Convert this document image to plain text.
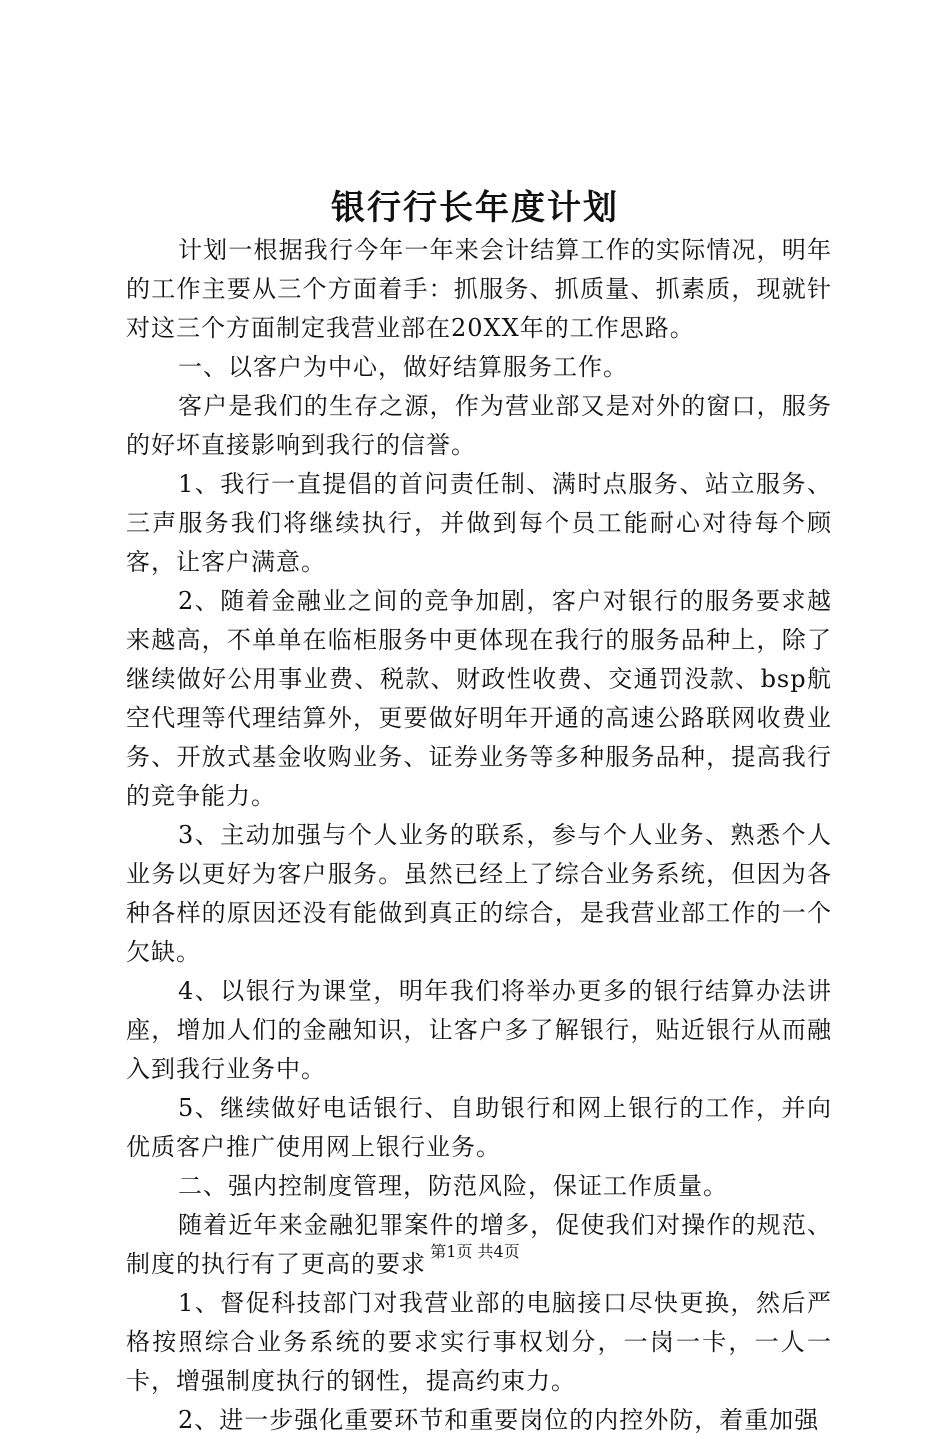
银行行长年度计划

计划一根据我行今年一年来会计结算工作的实际情况，明年的工作主要从三个方面着手：抓服务、抓质量、抓素质，现就针对这三个方面制定我营业部在20XX年的工作思路。

一、以客户为中心，做好结算服务工作。

客户是我们的生存之源，作为营业部又是对外的窗口，服务的好坏直接影响到我行的信誉。

1、我行一直提倡的首问责任制、满时点服务、站立服务、三声服务我们将继续执行，并做到每个员工能耐心对待每个顾客，让客户满意。

2、随着金融业之间的竞争加剧，客户对银行的服务要求越来越高，不单单在临柜服务中更体现在我行的服务品种上，除了继续做好公用事业费、税款、财政性收费、交通罚没款、bsp航空代理等代理结算外，更要做好明年开通的高速公路联网收费业务、开放式基金收购业务、证券业务等多种服务品种，提高我行的竞争能力。

3、主动加强与个人业务的联系，参与个人业务、熟悉个人业务以更好为客户服务。虽然已经上了综合业务系统，但因为各种各样的原因还没有能做到真正的综合，是我营业部工作的一个欠缺。

4、以银行为课堂，明年我们将举办更多的银行结算办法讲座，增加人们的金融知识，让客户多了解银行，贴近银行从而融入到我行业务中。

5、继续做好电话银行、自助银行和网上银行的工作，并向优质客户推广使用网上银行业务。

二、强内控制度管理，防范风险，保证工作质量。

随着近年来金融犯罪案件的增多，促使我们对操作的规范、制度的执行有了更高的要求

1、督促科技部门对我营业部的电脑接口尽快更换，然后严格按照综合业务系统的要求实行事权划分，一岗一卡，一人一卡，增强制度执行的钢性，提高约束力。

2、进一步强化重要环节和重要岗位的内控外防，着重加强

第1页 共4页
